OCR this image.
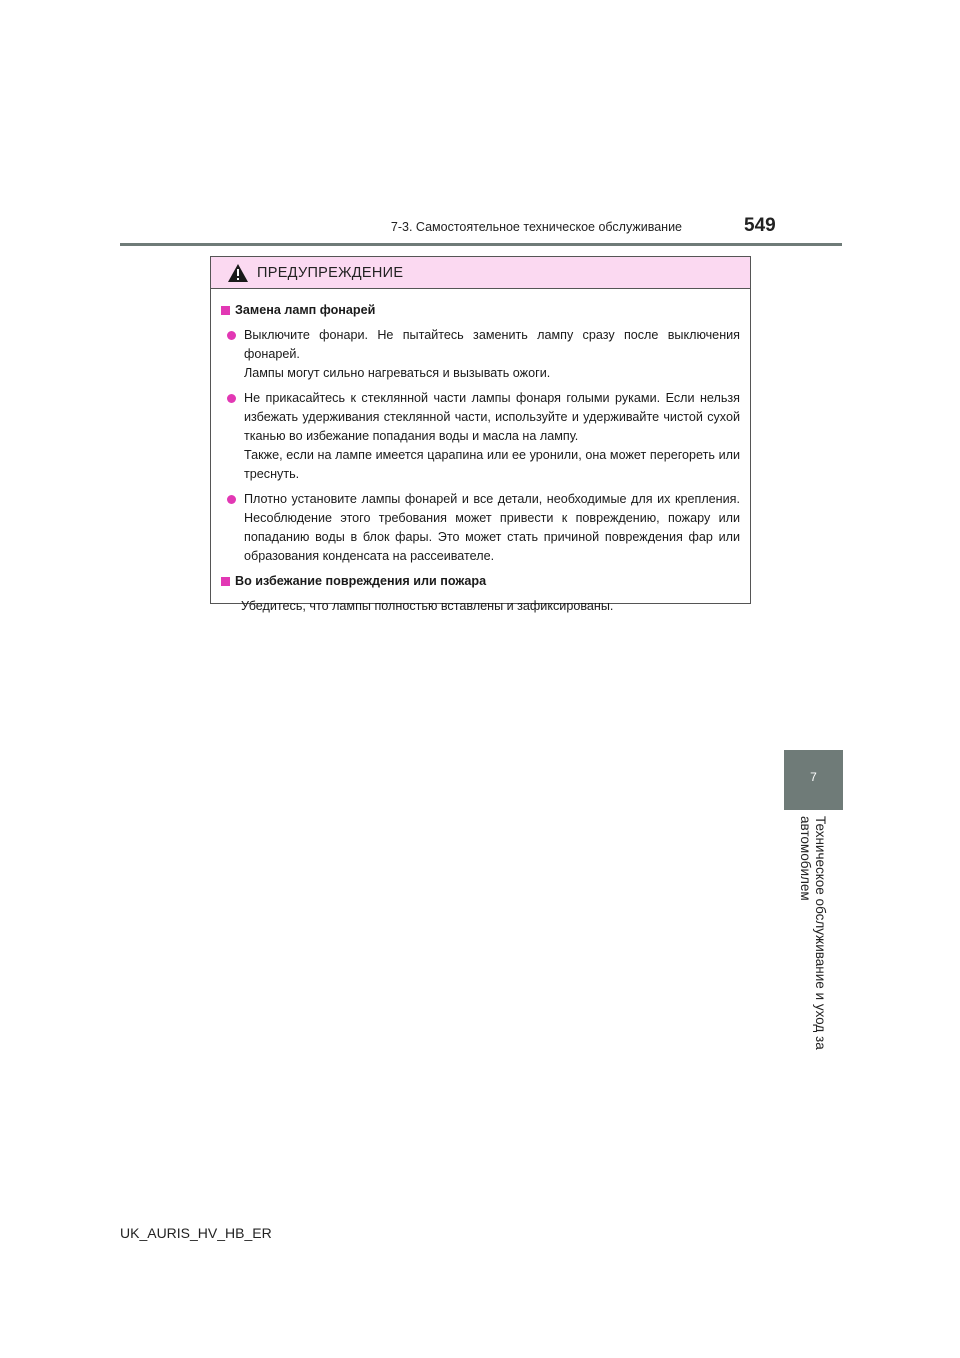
7-3. Самостоятельное техническое обслуживание	549
7
Техническое обслуживание и уход за автомобилем
ПРЕДУПРЕЖДЕНИЕ
Замена ламп фонарей

Выключите фонари. Не пытайтесь заменить лампу сразу после выключения фонарей.

Лампы могут сильно нагреваться и вызывать ожоги.

Не прикасайтесь к стеклянной части лампы фонаря голыми руками. Если нельзя избежать удерживания стеклянной части, используйте и удерживайте чистой сухой тканью во избежание попадания воды и масла на лампу.

Также, если на лампе имеется царапина или ее уронили, она может перегореть или треснуть.

Плотно установите лампы фонарей и все детали, необходимые для их крепления. Несоблюдение этого требования может привести к повреждению, пожару или попаданию воды в блок фары. Это может стать причиной повреждения фар или образования конденсата на рассеивателе.

Во избежание повреждения или пожара
Убедитесь, что лампы полностью вставлены и зафиксированы.
UK_AURIS_HV_HB_ER
